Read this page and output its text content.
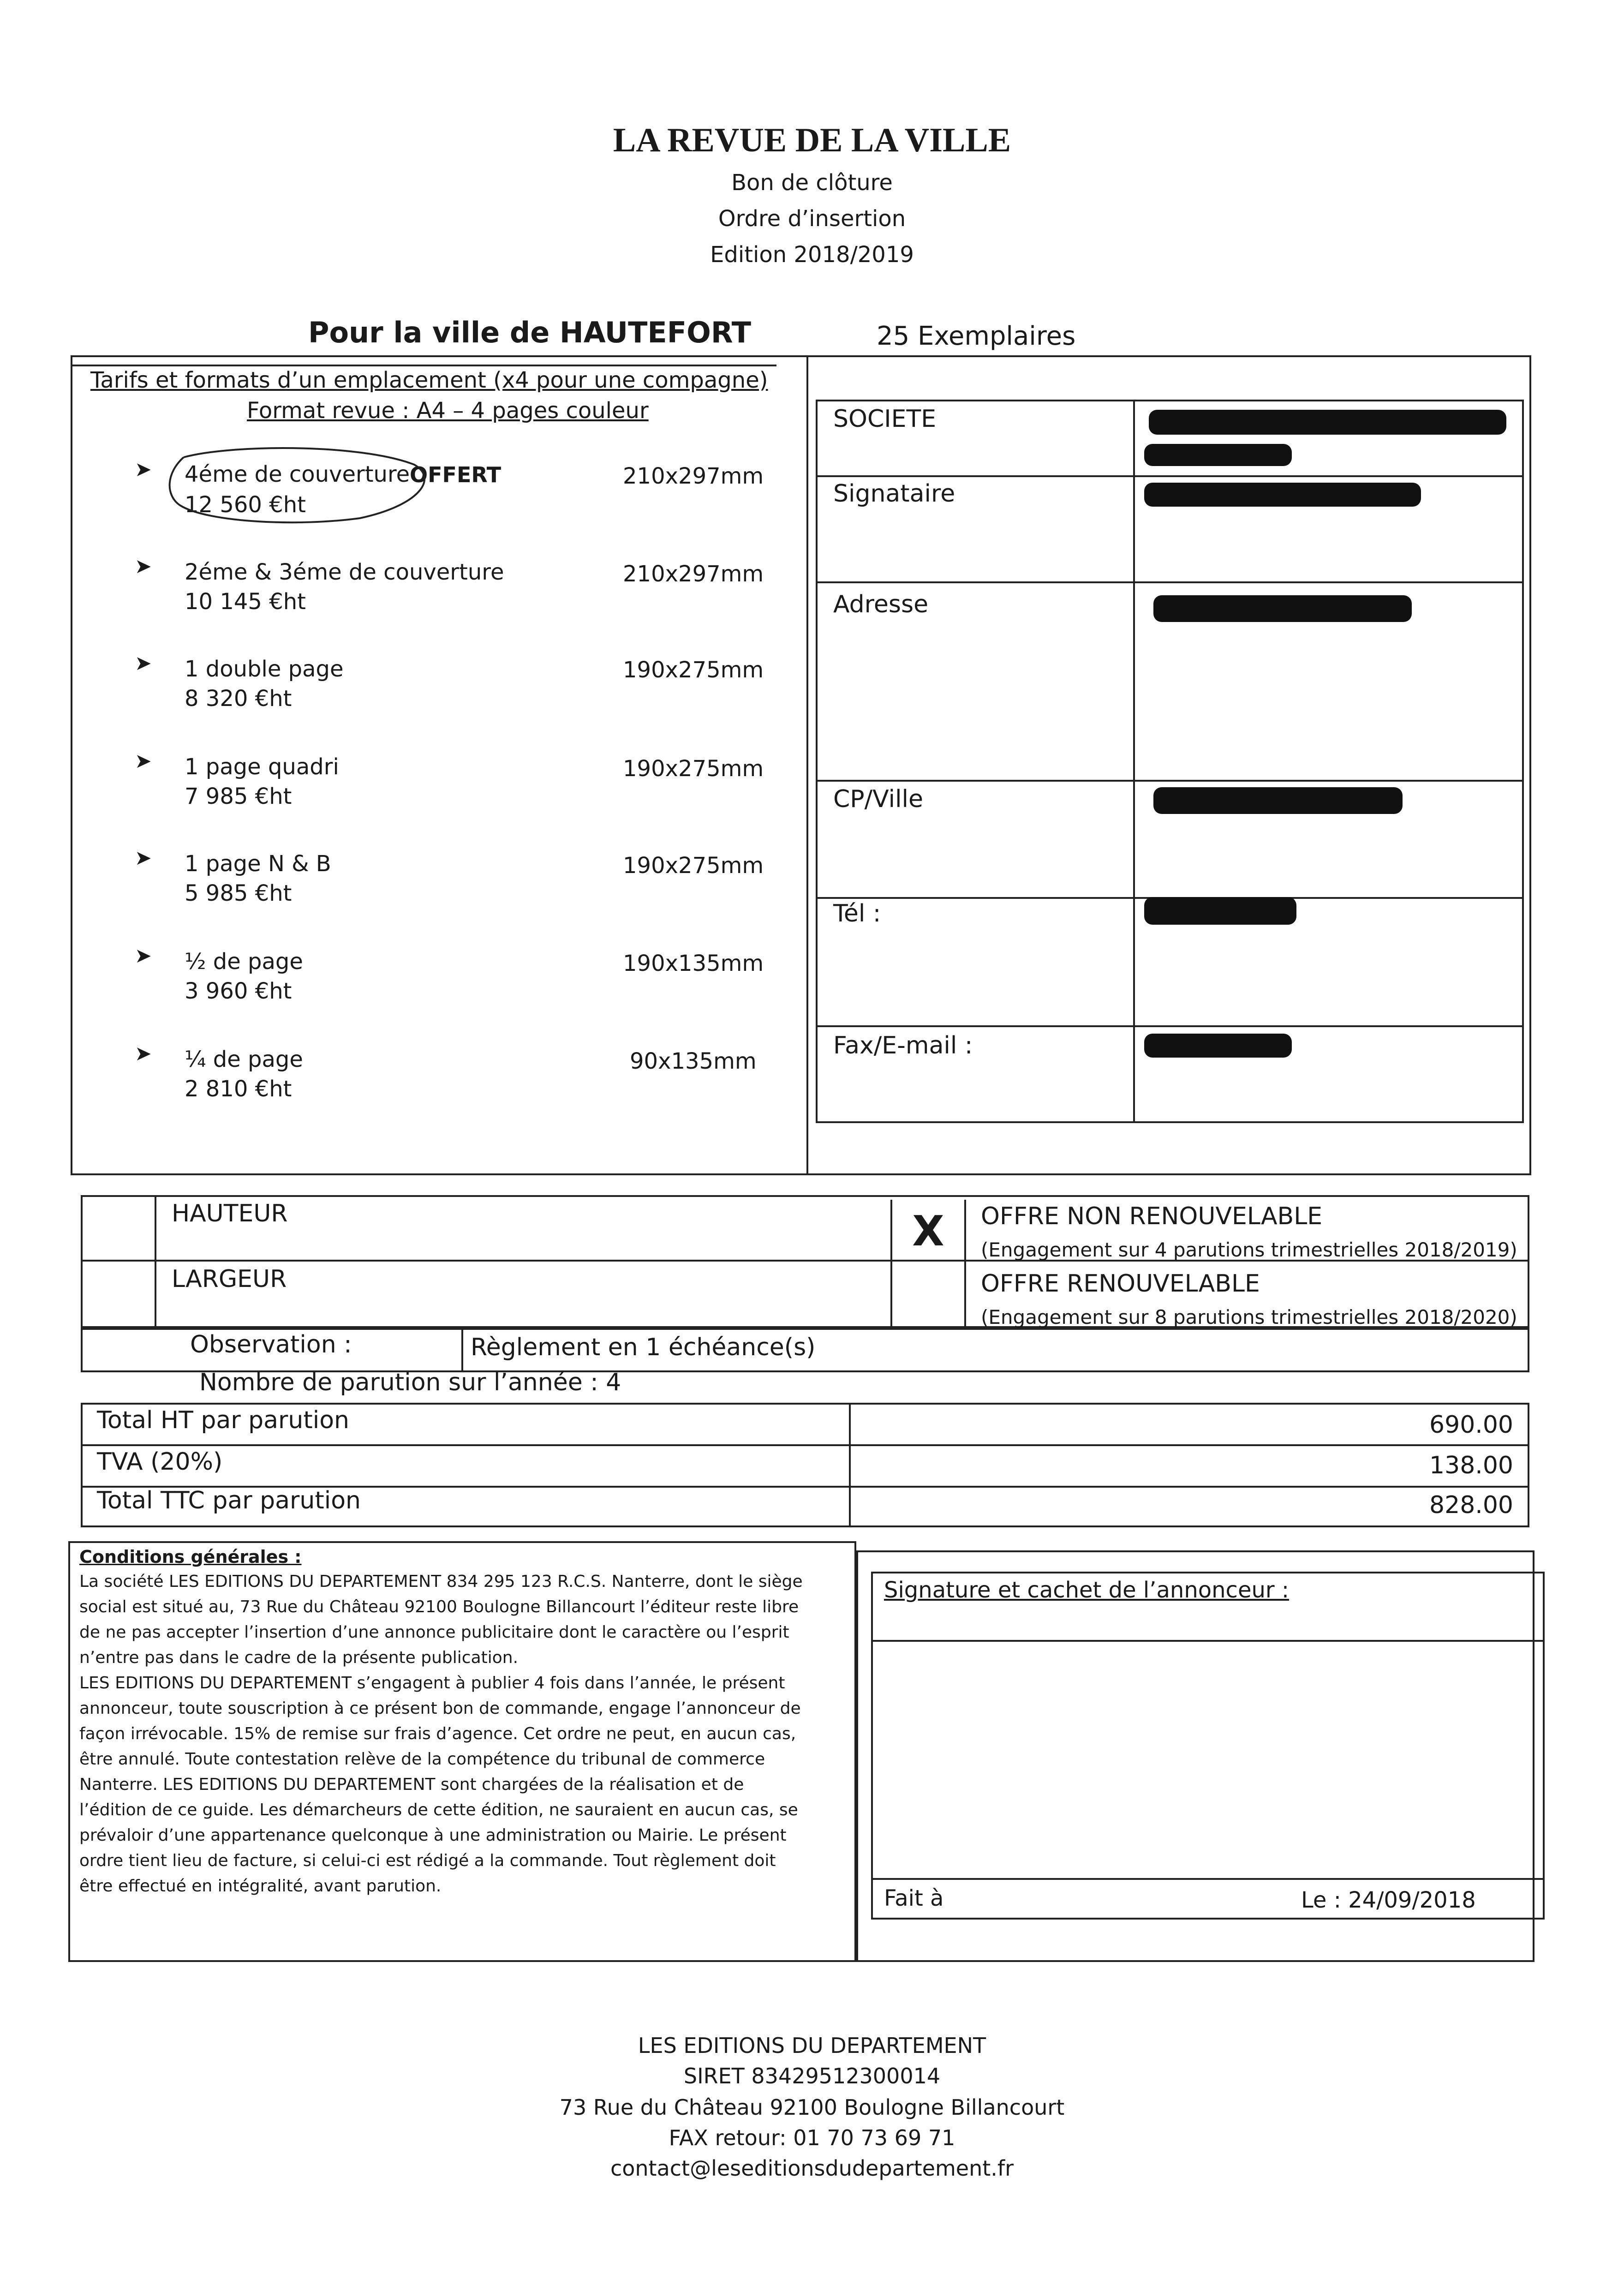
LA REVUE DE LA VILLE
Bon de clôture
Ordre d’insertion
Edition 2018/2019
Pour la ville de HAUTEFORT	25 Exemplaires
Tarifs et formats d’un emplacement (x4 pour une compagne)
Format revue : A4 – 4 pages couleur
➤ 4éme de couverture OFFERT
12 560 €ht
210x297mm
➤ 2éme & 3éme de couverture
10 145 €ht
210x297mm
➤ 1 double page
8 320 €ht
190x275mm
➤ 1 page quadri
7 985 €ht
190x275mm
➤ 1 page N & B
5 985 €ht
190x275mm
➤ ½ de page
3 960 €ht
190x135mm
➤ ¼ de page
2 810 €ht
90x135mm
SOCIETE
Signataire
Adresse
CP/Ville
Tél :
Fax/E-mail :
HAUTEUR
LARGEUR
X	OFFRE NON RENOUVELABLE
(Engagement sur 4 parutions trimestrielles 2018/2019)
OFFRE RENOUVELABLE
(Engagement sur 8 parutions trimestrielles 2018/2020)
Observation :	Règlement en 1 échéance(s)
Nombre de parution sur l’année : 4
Total HT par parution	690.00
TVA (20%)	138.00
Total TTC par parution	828.00
Conditions générales :
La société LES EDITIONS DU DEPARTEMENT 834 295 123 R.C.S. Nanterre, dont le siège
social est situé au, 73 Rue du Château 92100 Boulogne Billancourt l’éditeur reste libre
de ne pas accepter l’insertion d’une annonce publicitaire dont le caractère ou l’esprit
n’entre pas dans le cadre de la présente publication.
LES EDITIONS DU DEPARTEMENT s’engagent à publier 4 fois dans l’année, le présent
annonceur, toute souscription à ce présent bon de commande, engage l’annonceur de
façon irrévocable. 15% de remise sur frais d’agence. Cet ordre ne peut, en aucun cas,
être annulé. Toute contestation relève de la compétence du tribunal de commerce
Nanterre. LES EDITIONS DU DEPARTEMENT sont chargées de la réalisation et de
l’édition de ce guide. Les démarcheurs de cette édition, ne sauraient en aucun cas, se
prévaloir d’une appartenance quelconque à une administration ou Mairie. Le présent
ordre tient lieu de facture, si celui-ci est rédigé a la commande. Tout règlement doit
être effectué en intégralité, avant parution.
Signature et cachet de l’annonceur :
Fait à	Le : 24/09/2018
LES EDITIONS DU DEPARTEMENT
SIRET 83429512300014
73 Rue du Château 92100 Boulogne Billancourt
FAX retour: 01 70 73 69 71
contact@leseditionsdudepartement.fr
